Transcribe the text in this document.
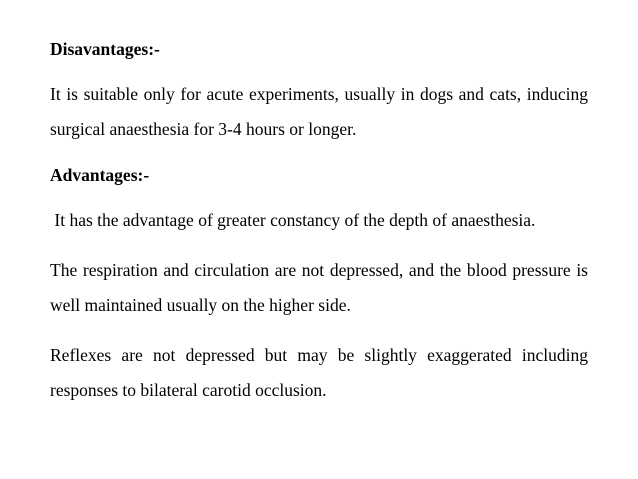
Disavantages:-
It is suitable only for acute experiments, usually in dogs and cats, inducing surgical anaesthesia for 3-4 hours or longer.
Advantages:-
It has the advantage of greater constancy of the depth of anaesthesia.
The respiration and circulation are not depressed, and the blood pressure is well maintained usually on the higher side.
Reflexes are not depressed but may be slightly exaggerated including responses to bilateral carotid occlusion.
